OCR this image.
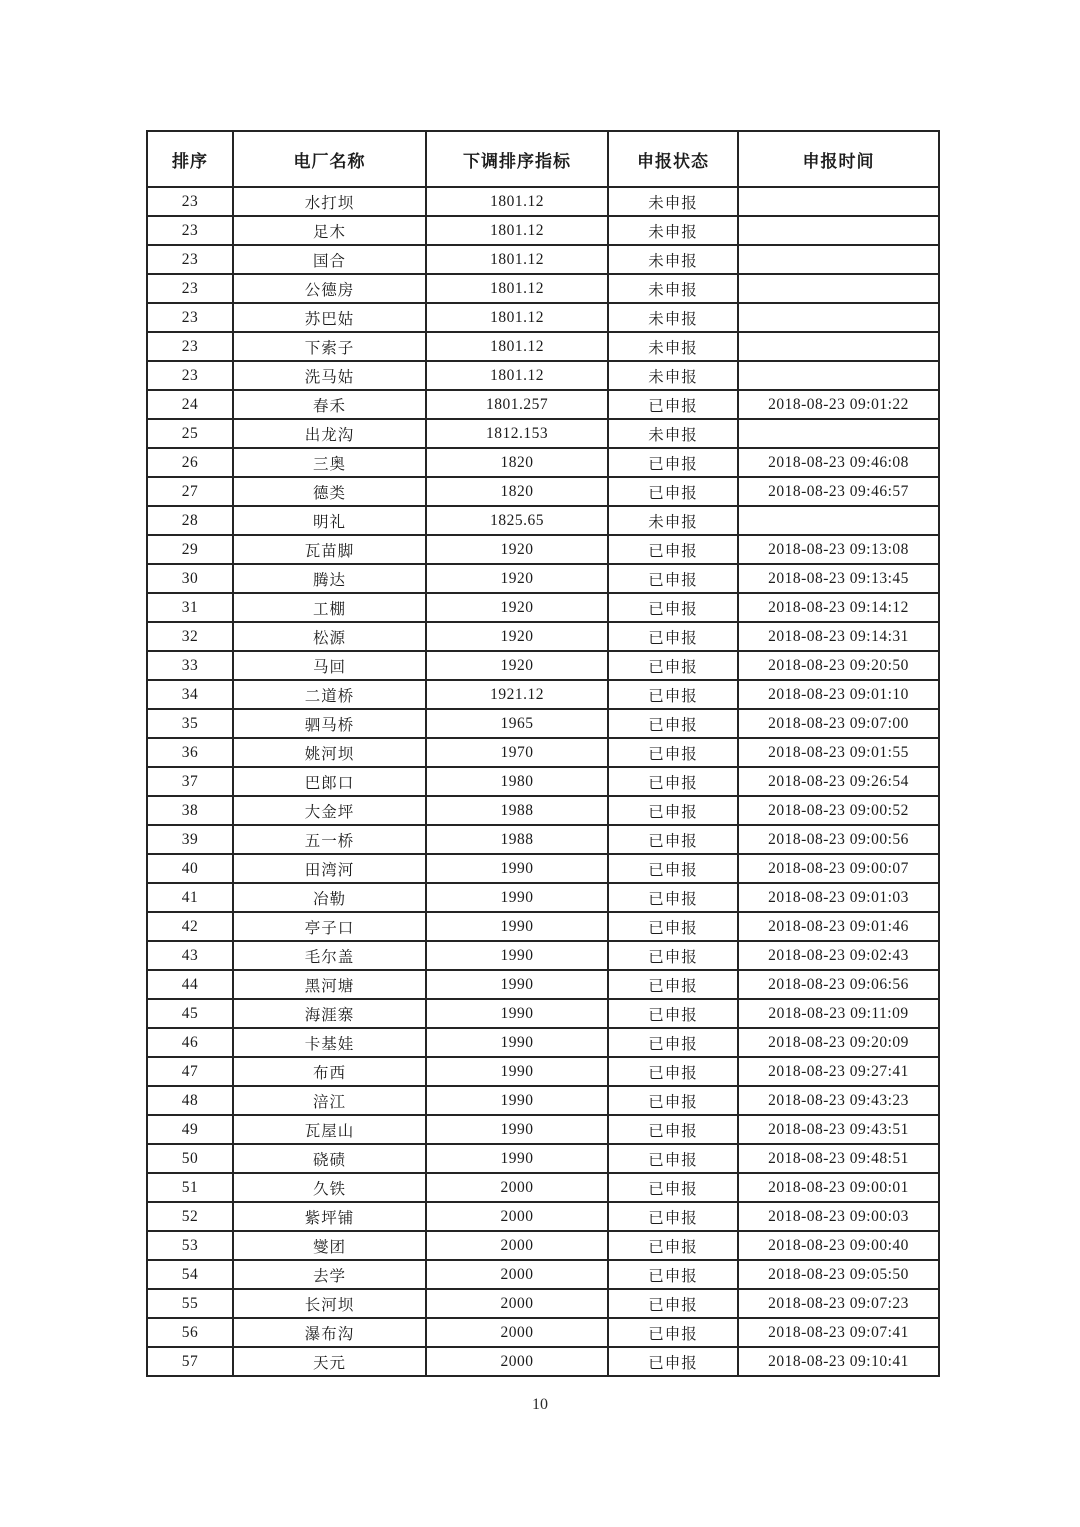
排序	电厂名称	下调排序指标	申报状态	申报时间
23	水打坝	1801.12	未申报	
23	足木	1801.12	未申报	
23	国合	1801.12	未申报	
23	公德房	1801.12	未申报	
23	苏巴姑	1801.12	未申报	
23	下索子	1801.12	未申报	
23	洗马姑	1801.12	未申报	
24	春禾	1801.257	已申报	2018-08-23 09:01:22
25	出龙沟	1812.153	未申报	
26	三奥	1820	已申报	2018-08-23 09:46:08
27	德类	1820	已申报	2018-08-23 09:46:57
28	明礼	1825.65	未申报	
29	瓦苗脚	1920	已申报	2018-08-23 09:13:08
30	腾达	1920	已申报	2018-08-23 09:13:45
31	工棚	1920	已申报	2018-08-23 09:14:12
32	松源	1920	已申报	2018-08-23 09:14:31
33	马回	1920	已申报	2018-08-23 09:20:50
34	二道桥	1921.12	已申报	2018-08-23 09:01:10
35	驷马桥	1965	已申报	2018-08-23 09:07:00
36	姚河坝	1970	已申报	2018-08-23 09:01:55
37	巴郎口	1980	已申报	2018-08-23 09:26:54
38	大金坪	1988	已申报	2018-08-23 09:00:52
39	五一桥	1988	已申报	2018-08-23 09:00:56
40	田湾河	1990	已申报	2018-08-23 09:00:07
41	冶勒	1990	已申报	2018-08-23 09:01:03
42	亭子口	1990	已申报	2018-08-23 09:01:46
43	毛尔盖	1990	已申报	2018-08-23 09:02:43
44	黑河塘	1990	已申报	2018-08-23 09:06:56
45	海涯寨	1990	已申报	2018-08-23 09:11:09
46	卡基娃	1990	已申报	2018-08-23 09:20:09
47	布西	1990	已申报	2018-08-23 09:27:41
48	涪江	1990	已申报	2018-08-23 09:43:23
49	瓦屋山	1990	已申报	2018-08-23 09:43:51
50	硗碛	1990	已申报	2018-08-23 09:48:51
51	久铁	2000	已申报	2018-08-23 09:00:01
52	紫坪铺	2000	已申报	2018-08-23 09:00:03
53	燮团	2000	已申报	2018-08-23 09:00:40
54	去学	2000	已申报	2018-08-23 09:05:50
55	长河坝	2000	已申报	2018-08-23 09:07:23
56	瀑布沟	2000	已申报	2018-08-23 09:07:41
57	天元	2000	已申报	2018-08-23 09:10:41
10
